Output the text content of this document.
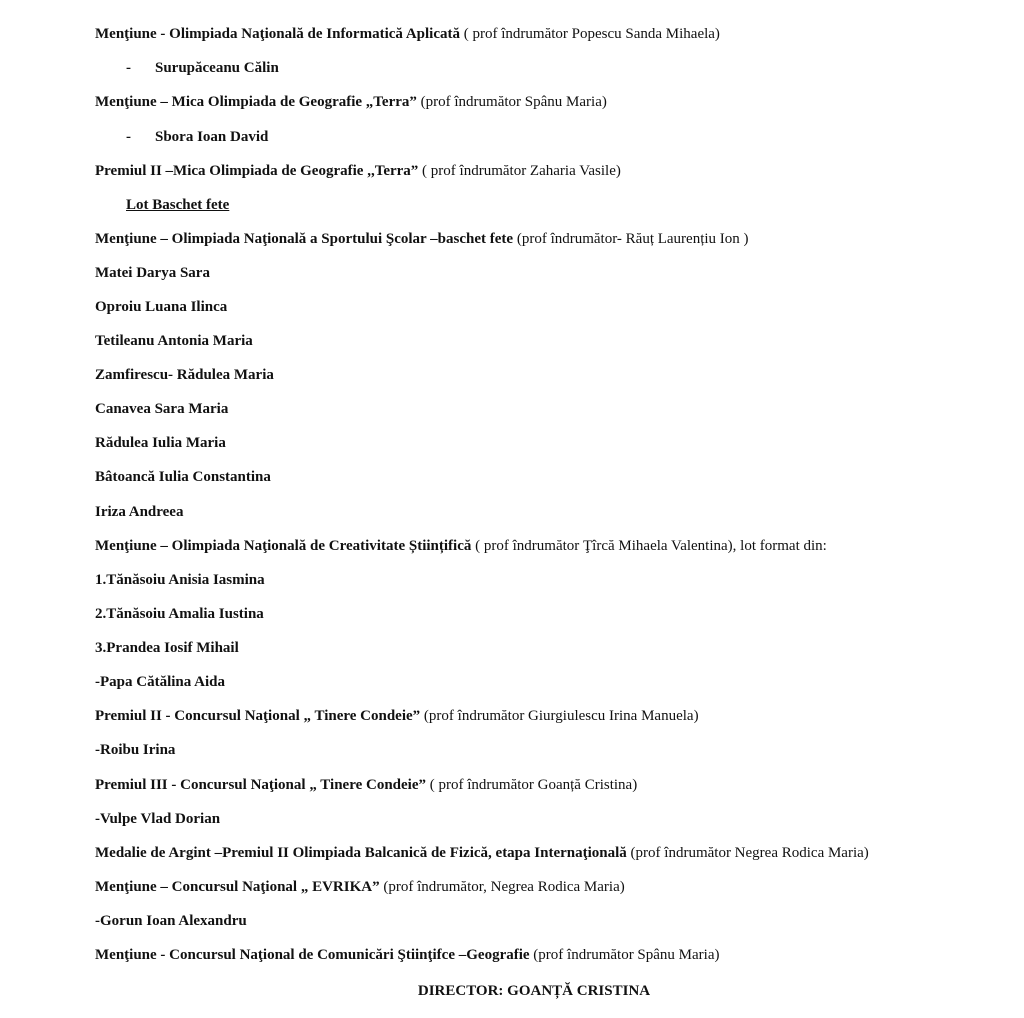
Menţiune - Olimpiada Naţională de Informatică Aplicată ( prof îndrumător Popescu Sanda Mihaela)
- Surupăceanu Călin
Menţiune – Mica Olimpiada de Geografie „Terra” (prof îndrumător Spânu Maria)
- Sbora Ioan David
Premiul II –Mica Olimpiada de Geografie ,,Terra” ( prof îndrumător Zaharia Vasile)
Lot Baschet fete
Menţiune – Olimpiada Naţională a Sportului Şcolar –baschet fete (prof îndrumător- Răuț Laurențiu Ion )
Matei Darya Sara
Oproiu Luana Ilinca
Tetileanu Antonia Maria
Zamfirescu- Rădulea Maria
Canavea Sara Maria
Rădulea Iulia Maria
Bâtoancă Iulia Constantina
Iriza Andreea
Menţiune – Olimpiada Naţională de Creativitate Științifică ( prof îndrumător Ţîrcă Mihaela Valentina), lot format din:
1.Tănăsoiu Anisia Iasmina
2.Tănăsoiu Amalia Iustina
3.Prandea Iosif Mihail
-Papa Cătălina Aida
Premiul II - Concursul Naţional „ Tinere Condeie” (prof îndrumător Giurgiulescu Irina Manuela)
-Roibu Irina
Premiul III - Concursul Naţional „ Tinere Condeie” ( prof îndrumător Goanță Cristina)
-Vulpe Vlad Dorian
Medalie de Argint –Premiul II Olimpiada Balcanică de Fizică, etapa Internaţională (prof îndrumător Negrea Rodica Maria)
Menţiune – Concursul Naţional „ EVRIKA” (prof îndrumător, Negrea Rodica Maria)
-Gorun Ioan Alexandru
Menţiune - Concursul Naţional de Comunicări Ştiinţifce –Geografie (prof îndrumător Spânu Maria)
DIRECTOR: GOANȚĂ CRISTINA
